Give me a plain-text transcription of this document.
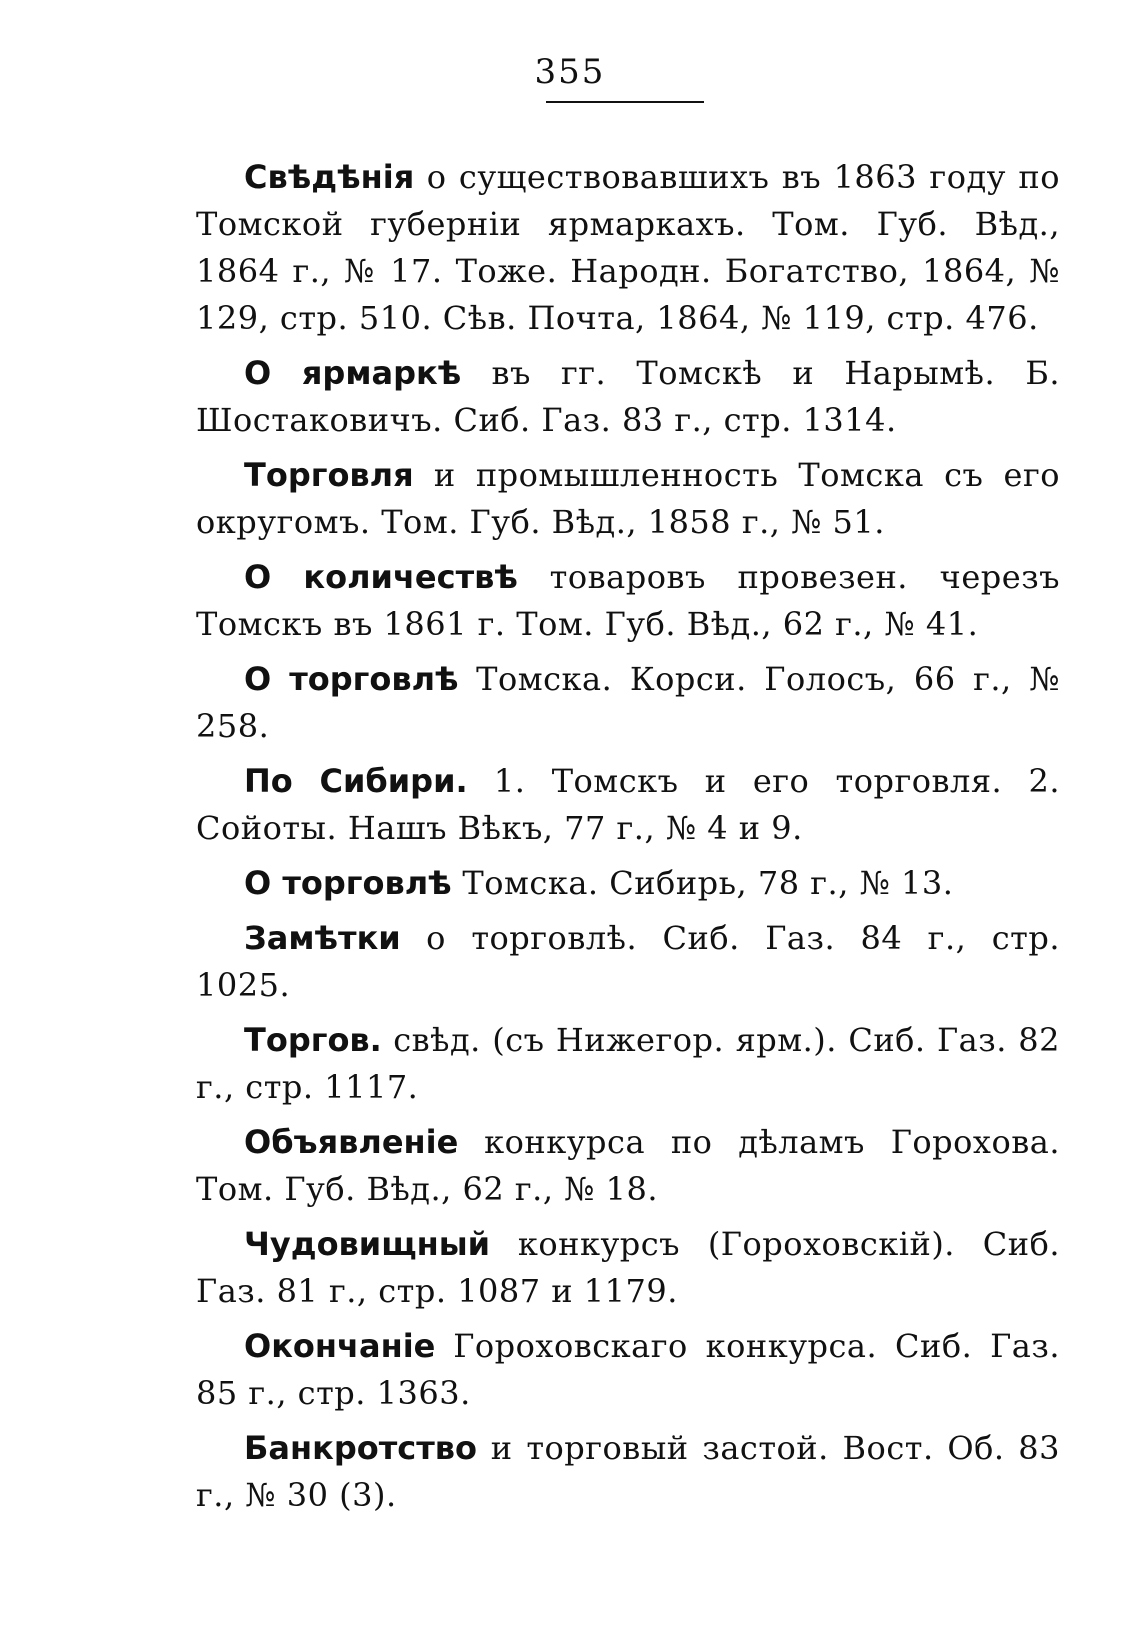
355

Свѣдѣнія о существовавшихъ въ 1863 году по Томской губерніи ярмаркахъ. Том. Губ. Вѣд., 1864 г., № 17. Тоже. Народн. Богатство, 1864, № 129, стр. 510. Сѣв. Почта, 1864, № 119, стр. 476.

О ярмаркѣ въ гг. Томскѣ и Нарымѣ. Б. Шостаковичъ. Сиб. Газ. 83 г., стр. 1314.

Торговля и промышленность Томска съ его округомъ. Том. Губ. Вѣд., 1858 г., № 51.

О количествѣ товаровъ провезен. черезъ Томскъ въ 1861 г. Том. Губ. Вѣд., 62 г., № 41.

О торговлѣ Томска. Корси. Голосъ, 66 г., № 258.

По Сибири. 1. Томскъ и его торговля. 2. Сойоты. Нашъ Вѣкъ, 77 г., № 4 и 9.

О торговлѣ Томска. Сибирь, 78 г., № 13.

Замѣтки о торговлѣ. Сиб. Газ. 84 г., стр. 1025.

Торгов. свѣд. (съ Нижегор. ярм.). Сиб. Газ. 82 г., стр. 1117.

Объявленіе конкурса по дѣламъ Горохова. Том. Губ. Вѣд., 62 г., № 18.

Чудовищный конкурсъ (Гороховскій). Сиб. Газ. 81 г., стр. 1087 и 1179.

Окончаніе Гороховскаго конкурса. Сиб. Газ. 85 г., стр. 1363.

Банкротство и торговый застой. Вост. Об. 83 г., № 30 (3).
